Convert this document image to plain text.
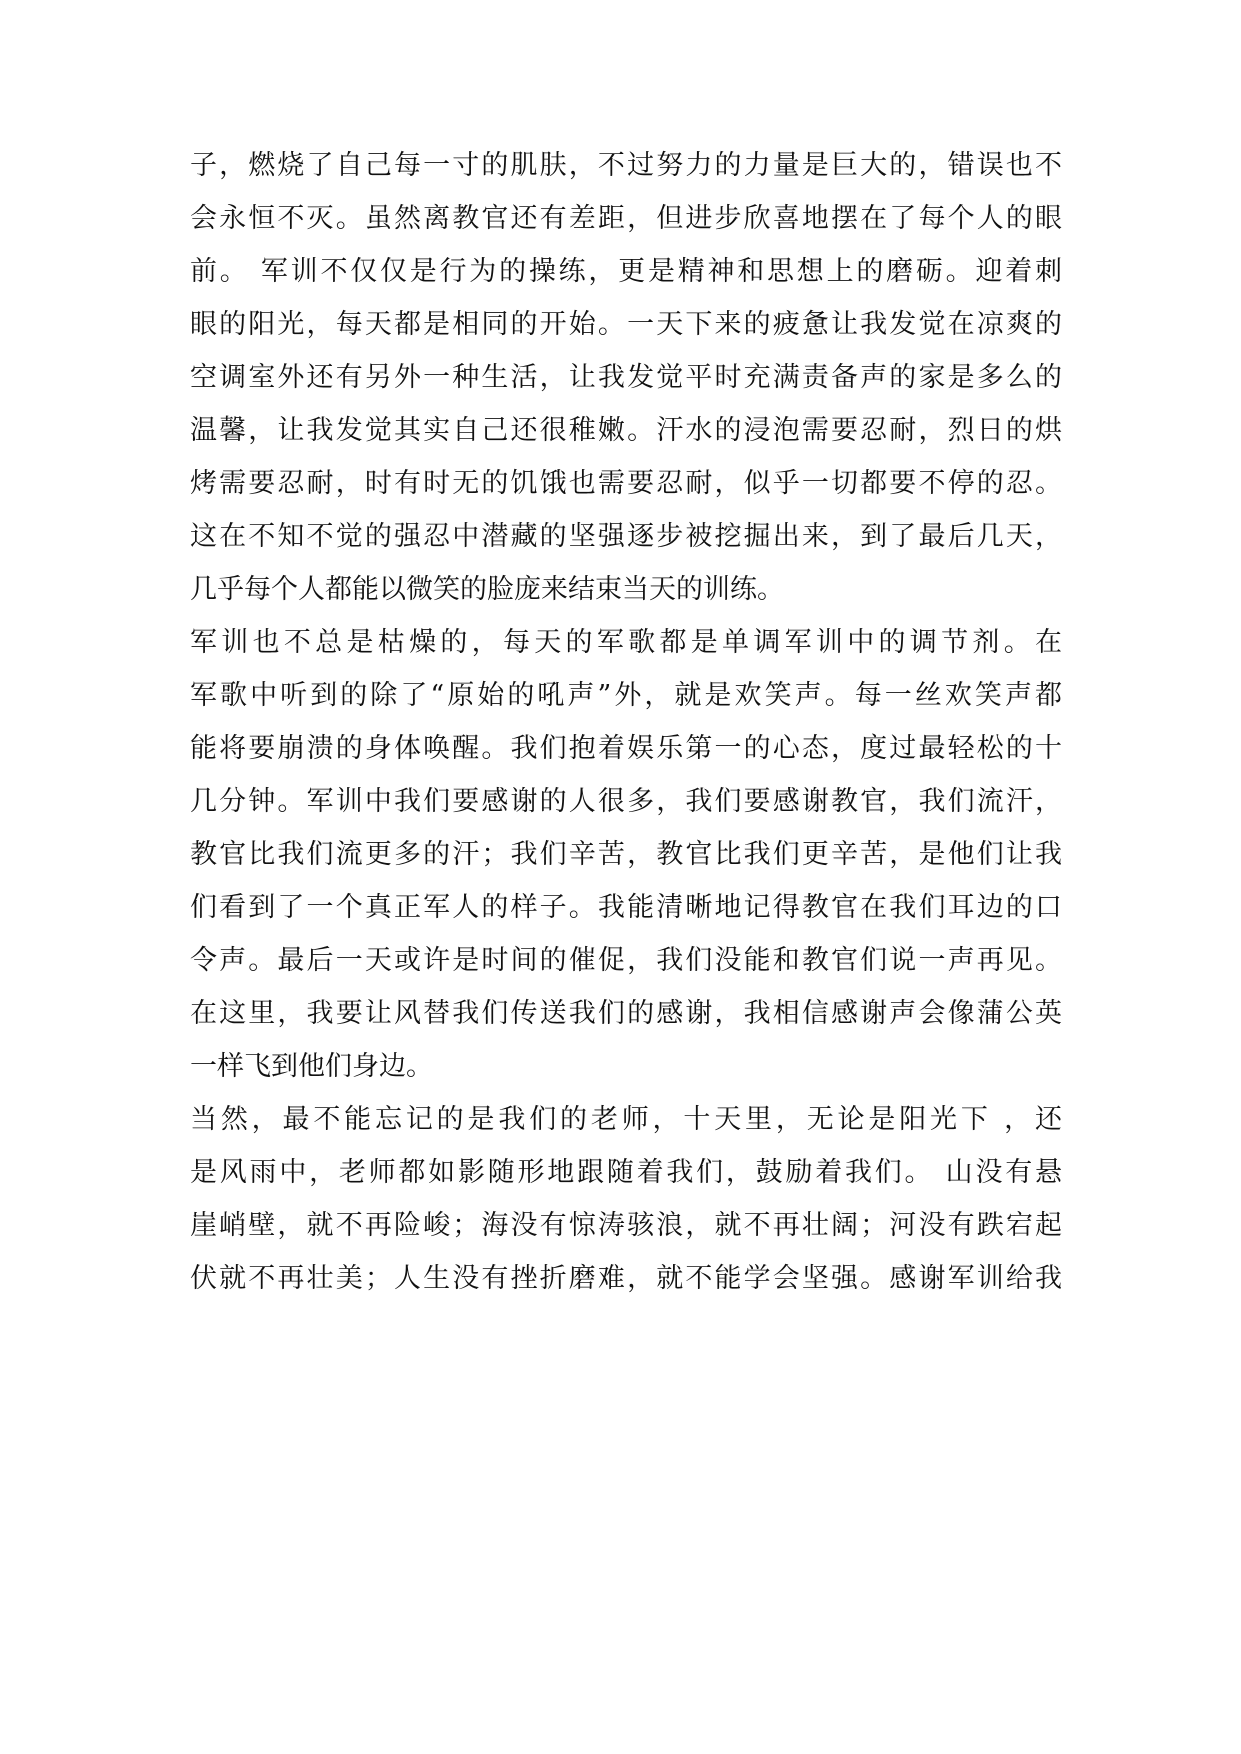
子，燃烧了自己每一寸的肌肤，不过努力的力量是巨大的，错误也不
会永恒不灭。虽然离教官还有差距，但进步欣喜地摆在了每个人的眼
前。 军训不仅仅是行为的操练，更是精神和思想上的磨砺。迎着刺
眼的阳光，每天都是相同的开始。一天下来的疲惫让我发觉在凉爽的
空调室外还有另外一种生活，让我发觉平时充满责备声的家是多么的
温馨，让我发觉其实自己还很稚嫩。汗水的浸泡需要忍耐，烈日的烘
烤需要忍耐，时有时无的饥饿也需要忍耐，似乎一切都要不停的忍。
这在不知不觉的强忍中潜藏的坚强逐步被挖掘出来，到了最后几天，
几乎每个人都能以微笑的脸庞来结束当天的训练。
军训也不总是枯燥的，每天的军歌都是单调军训中的调节剂。在
军歌中听到的除了“原始的吼声”外，就是欢笑声。每一丝欢笑声都
能将要崩溃的身体唤醒。我们抱着娱乐第一的心态，度过最轻松的十
几分钟。军训中我们要感谢的人很多，我们要感谢教官，我们流汗，
教官比我们流更多的汗；我们辛苦，教官比我们更辛苦，是他们让我
们看到了一个真正军人的样子。我能清晰地记得教官在我们耳边的口
令声。最后一天或许是时间的催促，我们没能和教官们说一声再见。
在这里，我要让风替我们传送我们的感谢，我相信感谢声会像蒲公英
一样飞到他们身边。
当然，最不能忘记的是我们的老师，十天里，无论是阳光下 ，还
是风雨中，老师都如影随形地跟随着我们，鼓励着我们。 山没有悬
崖峭壁，就不再险峻；海没有惊涛骇浪，就不再壮阔；河没有跌宕起
伏就不再壮美；人生没有挫折磨难，就不能学会坚强。感谢军训给我
